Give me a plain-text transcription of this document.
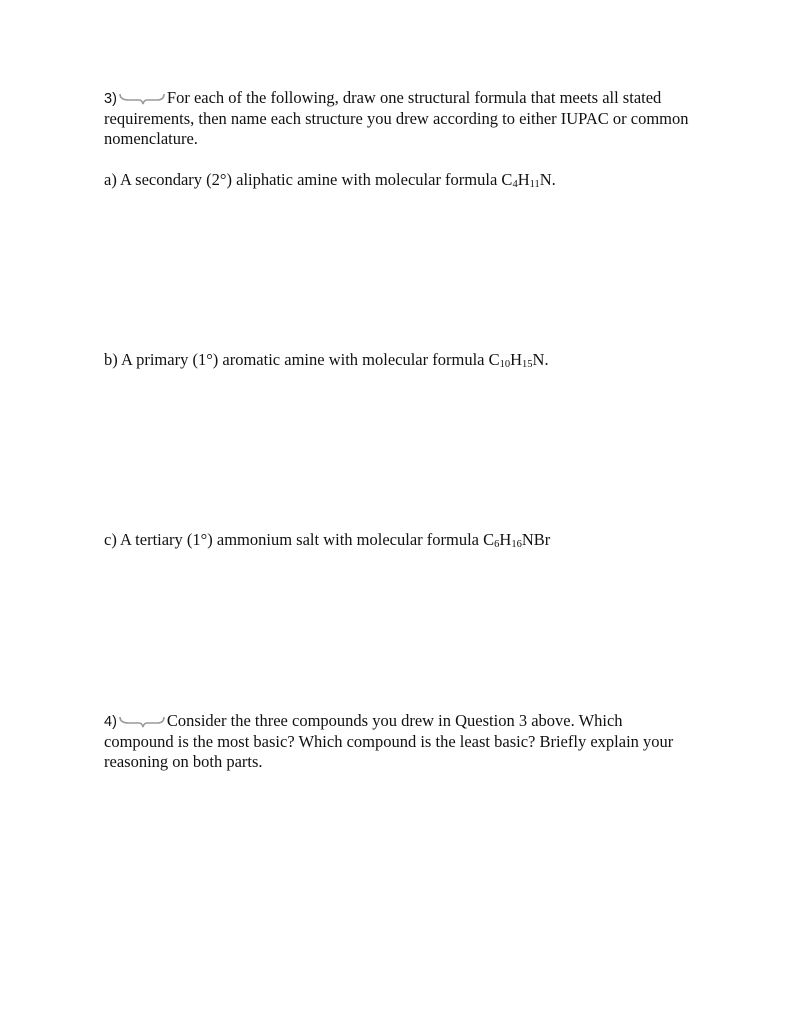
3)	For each of the following, draw one structural formula that meets all stated
requirements, then name each structure you drew according to either IUPAC or common
nomenclature.

a) A secondary (2°) aliphatic amine with molecular formula $C_4H_{11}N$.

b) A primary (1°) aromatic amine with molecular formula $C_{10}H_{15}N$.

c) A tertiary (1°) ammonium salt with molecular formula $C_6H_{16}NBr$

4)	Consider the three compounds you drew in Question 3 above. Which
compound is the most basic? Which compound is the least basic? Briefly explain your
reasoning on both parts.
